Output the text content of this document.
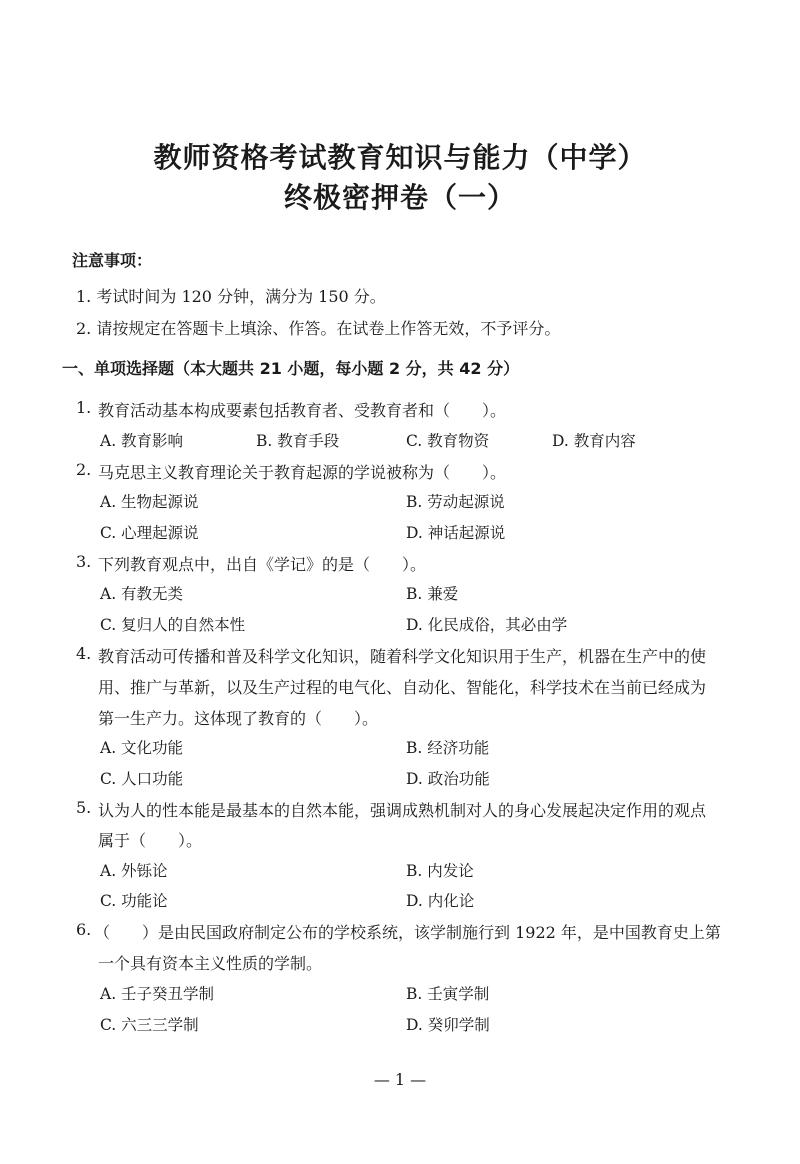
教师资格考试教育知识与能力（中学）
终极密押卷（一）
注意事项：
1. 考试时间为 120 分钟，满分为 150 分。
2. 请按规定在答题卡上填涂、作答。在试卷上作答无效，不予评分。
一、单项选择题（本大题共 21 小题，每小题 2 分，共 42 分）
1. 教育活动基本构成要素包括教育者、受教育者和（　　）。
A. 教育影响	B. 教育手段	C. 教育物资	D. 教育内容
2. 马克思主义教育理论关于教育起源的学说被称为（　　）。
A. 生物起源说	B. 劳动起源说
C. 心理起源说	D. 神话起源说
3. 下列教育观点中，出自《学记》的是（　　）。
A. 有教无类	B. 兼爱
C. 复归人的自然本性	D. 化民成俗，其必由学
4. 教育活动可传播和普及科学文化知识，随着科学文化知识用于生产，机器在生产中的使
用、推广与革新，以及生产过程的电气化、自动化、智能化，科学技术在当前已经成为
第一生产力。这体现了教育的（　　）。
A. 文化功能	B. 经济功能
C. 人口功能	D. 政治功能
5. 认为人的性本能是最基本的自然本能，强调成熟机制对人的身心发展起决定作用的观点
属于（　　）。
A. 外铄论	B. 内发论
C. 功能论	D. 内化论
6. （　　）是由民国政府制定公布的学校系统，该学制施行到 1922 年，是中国教育史上第
一个具有资本主义性质的学制。
A. 壬子癸丑学制	B. 壬寅学制
C. 六三三学制	D. 癸卯学制
— 1 —
